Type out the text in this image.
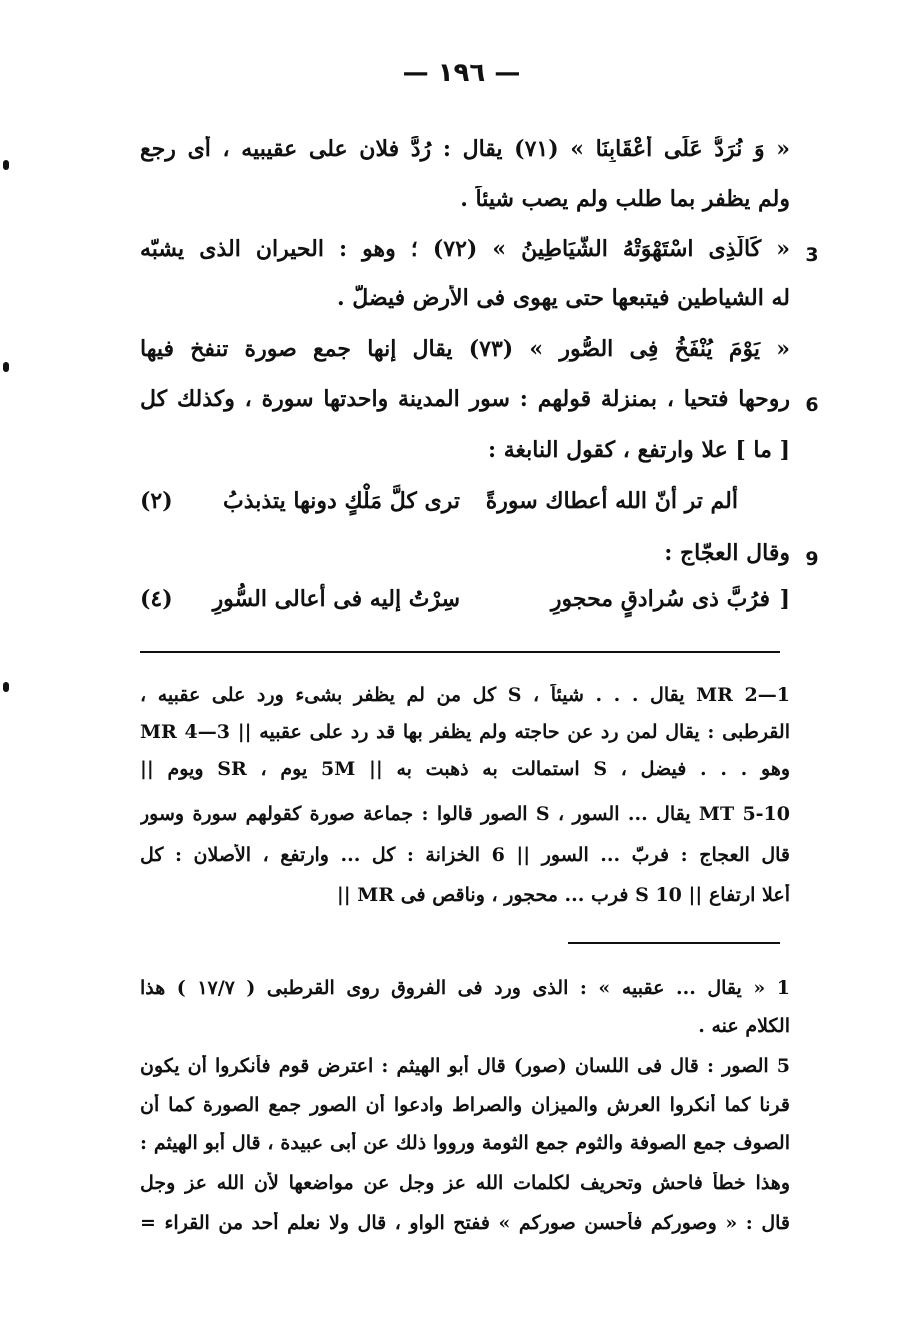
— ١٩٦ —
« وَ نُرَدُّ عَلَى أَعْقَابِنَا » (٧١) يقال : رُدَّ فلان على عقيبيه ، أى رجع
ولم يظفر بما طلب ولم يصب شيئاً .
3
« كَالَّذِى اسْتَهْوَتْهُ الشَّيَاطِينُ » (٧٢) ؛ وهو : الحيران الذى يشبّه
له الشياطين فيتبعها حتى يهوى فى الأرض فيضلّ .
« يَوْمَ يُنْفَخُ فِى الصُّورِ » (٧٣) يقال إنها جمع صورة تنفخ فيها
6
روحها فتحيا ، بمنزلة قولهم : سور المدينة واحدتها سورة ، وكذلك كل
[ ما ] علا وارتفع ، كقول النابغة :
ألم تر أنّ الله أعطاك سورةً
ترى كلَّ مَلْكٍ دونها يتذبذبُ
(٢)
9
وقال العجّاج :
[
فرُبَّ ذى سُرادقٍ محجورِ
سِرْتُ إليه فى أعالى السُّورِ
(٤)
1—2 MR يقال . . . شيئاً ، S كل من لم يظفر بشىء ورد على عقبيه ،
القرطبى : يقال لمن رد عن حاجته ولم يظفر بها قد رد على عقبيه || 3—4 MR
وهو . . . فيضل ، S استمالت به ذهبت به || 5M يوم ، SR ويوم ||
5-10 MT يقال ... السور ، S الصور قالوا : جماعة صورة كقولهم سورة وسور
قال العجاج : فربّ ... السور || 6 الخزانة : كل ... وارتفع ، الأصلان : كل
أعلا ارتفاع || 10 S فرب ... محجور ، وناقص فى MR ||
1 « يقال ... عقبيه » : الذى ورد فى الفروق روى القرطبى ( ١٧/٧ ) هذا
الكلام عنه .
5 الصور : قال فى اللسان (صور) قال أبو الهيثم : اعترض قوم فأنكروا أن يكون
قرنا كما أنكروا العرش والميزان والصراط وادعوا أن الصور جمع الصورة كما أن
الصوف جمع الصوفة والثوم جمع الثومة ورووا ذلك عن أبى عبيدة ، قال أبو الهيثم :
وهذا خطأ فاحش وتحريف لكلمات الله عز وجل عن مواضعها لأن الله عز وجل
قال : « وصوركم فأحسن صوركم » ففتح الواو ، قال ولا نعلم أحد من القراء =
